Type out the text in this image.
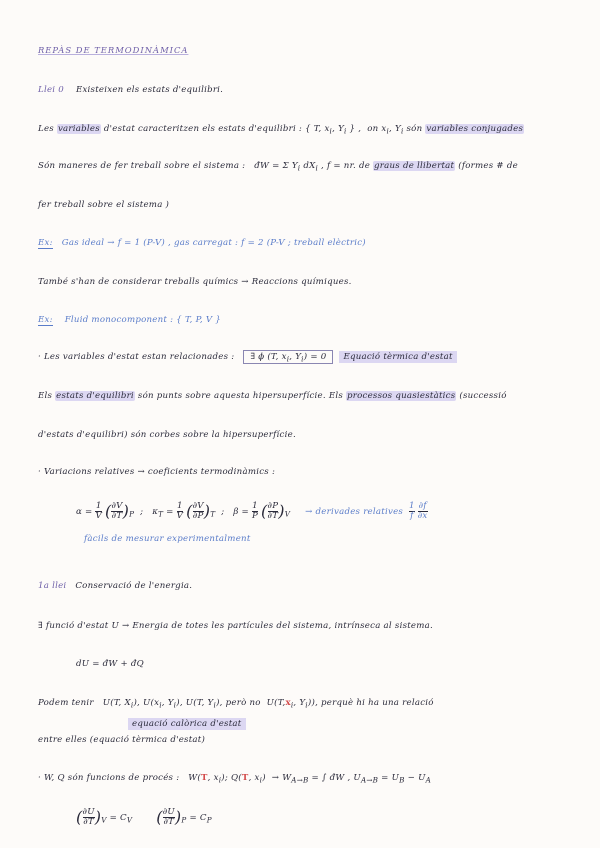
REPÀS DE TERMODINÀMICA
Llei 0 Existeixen els estats d'equilibri.
Les variables d'estat caracteritzen els estats d'equilibri : { T, $x_i$, $Y_i$ } ,  on $x_i$, $Y_i$ són variables conjugades
Són maneres de fer treball sobre el sistema : đW = Σ $Y_i$ $dX_i$ , f = nr. de graus de llibertat (formes # de
fer treball sobre el sistema )
Ex: Gas ideal → f = 1 (P-V) , gas carregat : f = 2 (P-V ; treball elèctric)
També s'han de considerar treballs químics → Reaccions químiques.
Ex: Fluid monocomponent : { T, P, V }
· Les variables d'estat estan relacionades : ∃ ϕ (T, $x_i$, $Y_i) = 0$ Equació tèrmica d'estat
Els estats d'equilibri són punts sobre aquesta hipersuperfície. Els processos quasiestàtics (successió
d'estats d'equilibri) són corbes sobre la hipersuperfície.
· Variacions relatives → coeficients termodinàmics :
$\alpha = \frac{1}{V}$ ( $\frac{\partial V}{\partial T} )_P$  ;   $\kappa_T = \frac{1}{V}$ ( $\frac{\partial V}{\partial P} )_T$  ;   $\beta = \frac{1}{P}$ ( $\frac{\partial P}{\partial T} )_V$ → derivades relatives $\frac{1}{f}$
$\frac{\partial f}{\partial x}$
fàcils de mesurar experimentalment
1a llei Conservació de l'energia.
∃ funció d'estat U → Energia de totes les partícules del sistema, intrínseca al sistema.
dU = đW + đQ
Podem tenir U(T, $X_i$), $U(x_i$, $Y_i$), U(T, $Y_i$), però no $U(T,x_i$, $Y_i$)), perquè hi ha una relació
equació calòrica d'estat
entre elles (equació tèrmica d'estat)
· W, Q són funcions de procés : W(T, $x_i$); Q(T, $x_i) \to W_{A\to B}$ = ∫ đW , $U_{A\to B} = U_B - U_A$
( $\frac{\partial U}{\partial T} )_V = C_V$ ( $\frac{\partial U}{\partial T} )_P = C_P$
